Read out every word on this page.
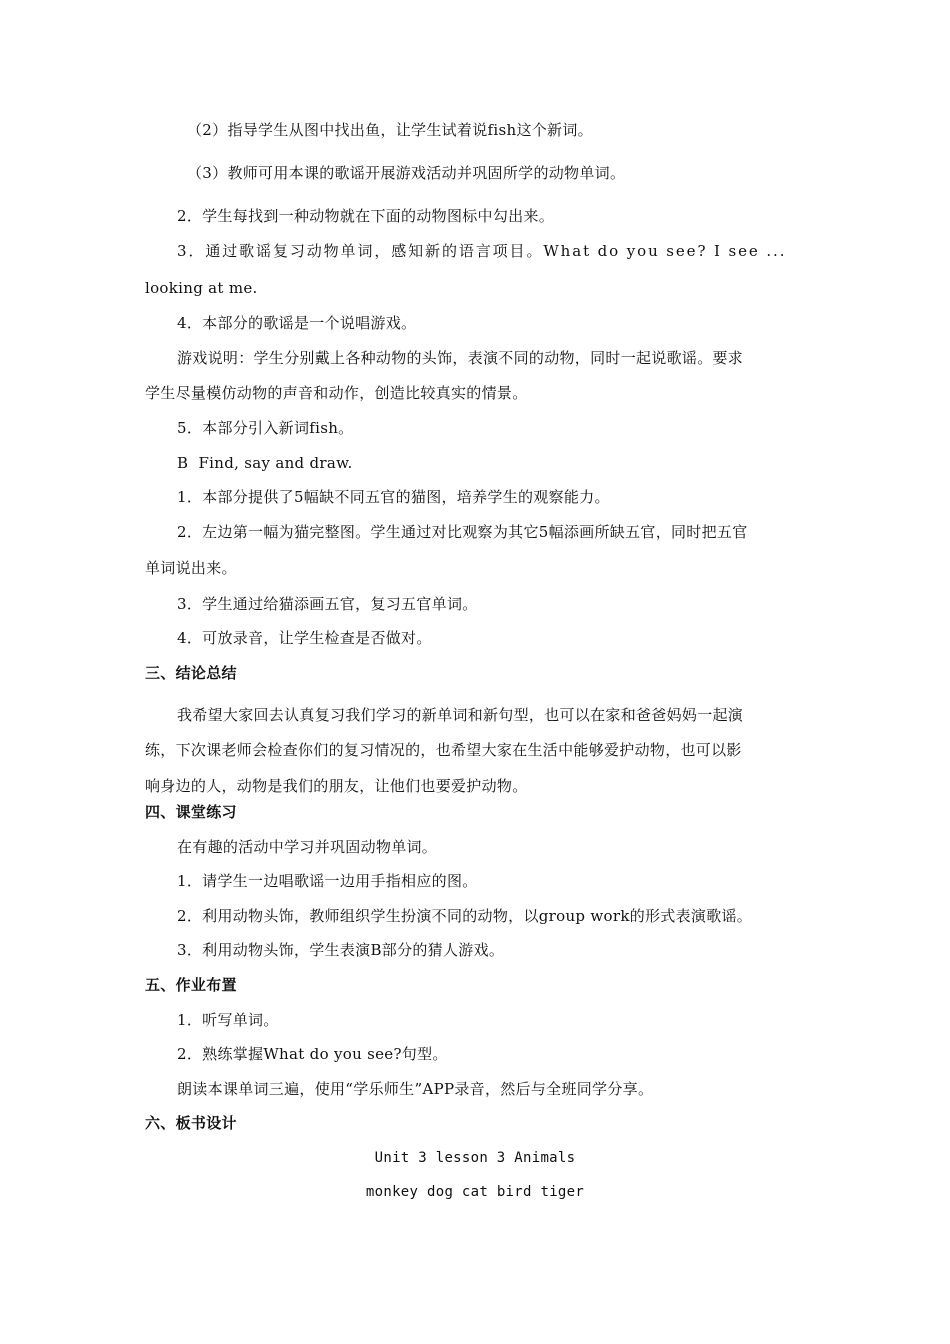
（2）指导学生从图中找出鱼，让学生试着说fish这个新词。
（3）教师可用本课的歌谣开展游戏活动并巩固所学的动物单词。
2．学生每找到一种动物就在下面的动物图标中勾出来。
3．通过歌谣复习动物单词，感知新的语言项目。What do you see? I see ...
looking at me.
4．本部分的歌谣是一个说唱游戏。
游戏说明：学生分别戴上各种动物的头饰，表演不同的动物，同时一起说歌谣。要求
学生尽量模仿动物的声音和动作，创造比较真实的情景。
5．本部分引入新词fish。
B  Find, say and draw.
1．本部分提供了5幅缺不同五官的猫图，培养学生的观察能力。
2．左边第一幅为猫完整图。学生通过对比观察为其它5幅添画所缺五官，同时把五官
单词说出来。
3．学生通过给猫添画五官，复习五官单词。
4．可放录音，让学生检查是否做对。
三、结论总结
我希望大家回去认真复习我们学习的新单词和新句型，也可以在家和爸爸妈妈一起演
练，下次课老师会检查你们的复习情况的，也希望大家在生活中能够爱护动物，也可以影
响身边的人，动物是我们的朋友，让他们也要爱护动物。
四、课堂练习
在有趣的活动中学习并巩固动物单词。
1．请学生一边唱歌谣一边用手指相应的图。
2．利用动物头饰，教师组织学生扮演不同的动物，以group work的形式表演歌谣。
3．利用动物头饰，学生表演B部分的猜人游戏。
五、作业布置
1．听写单词。
2．熟练掌握What do you see?句型。
朗读本课单词三遍，使用“学乐师生”APP录音，然后与全班同学分享。
六、板书设计
Unit 3 lesson 3 Animals
monkey dog cat bird tiger
